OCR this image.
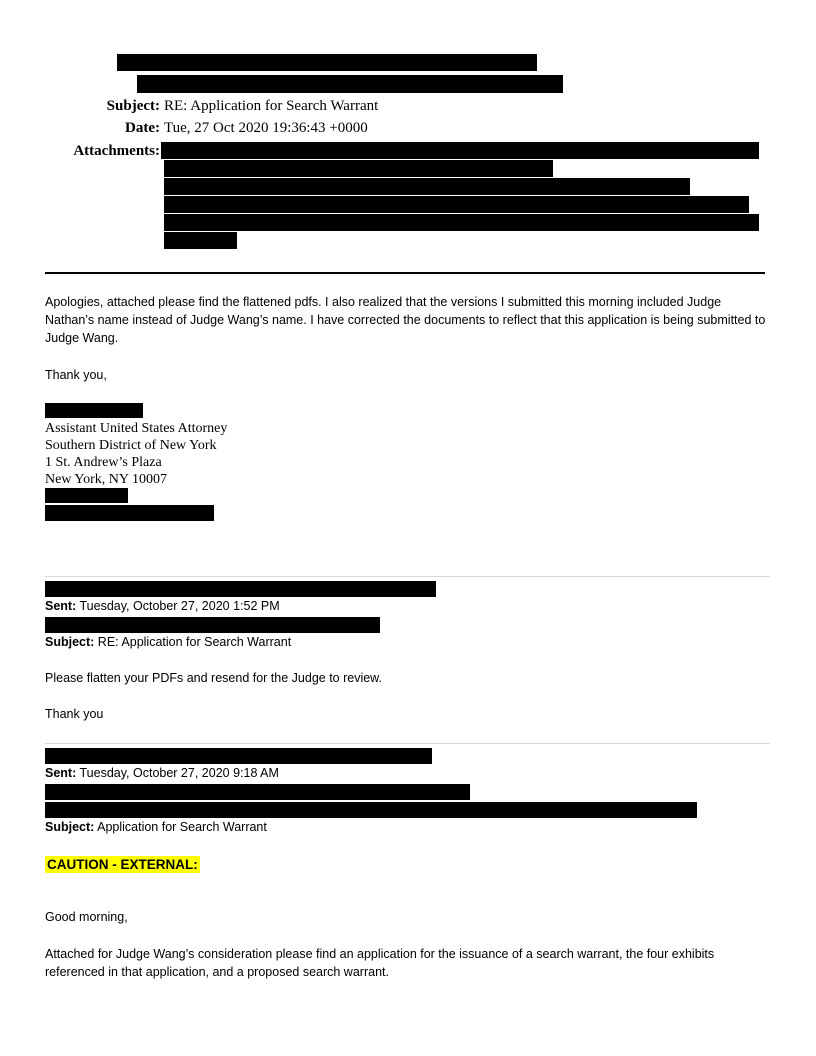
Subject: RE: Application for Search Warrant
Date: Tue, 27 Oct 2020 19:36:43 +0000
Attachments:
Apologies, attached please find the flattened pdfs. I also realized that the versions I submitted this morning included Judge Nathan’s name instead of Judge Wang’s name. I have corrected the documents to reflect that this application is being submitted to Judge Wang.
Thank you,
Assistant United States Attorney
Southern District of New York
1 St. Andrew’s Plaza
New York, NY 10007
Sent: Tuesday, October 27, 2020 1:52 PM
Subject: RE: Application for Search Warrant
Please flatten your PDFs and resend for the Judge to review.
Thank you
Sent: Tuesday, October 27, 2020 9:18 AM
Subject: Application for Search Warrant
CAUTION - EXTERNAL:
Good morning,
Attached for Judge Wang’s consideration please find an application for the issuance of a search warrant, the four exhibits referenced in that application, and a proposed search warrant.
